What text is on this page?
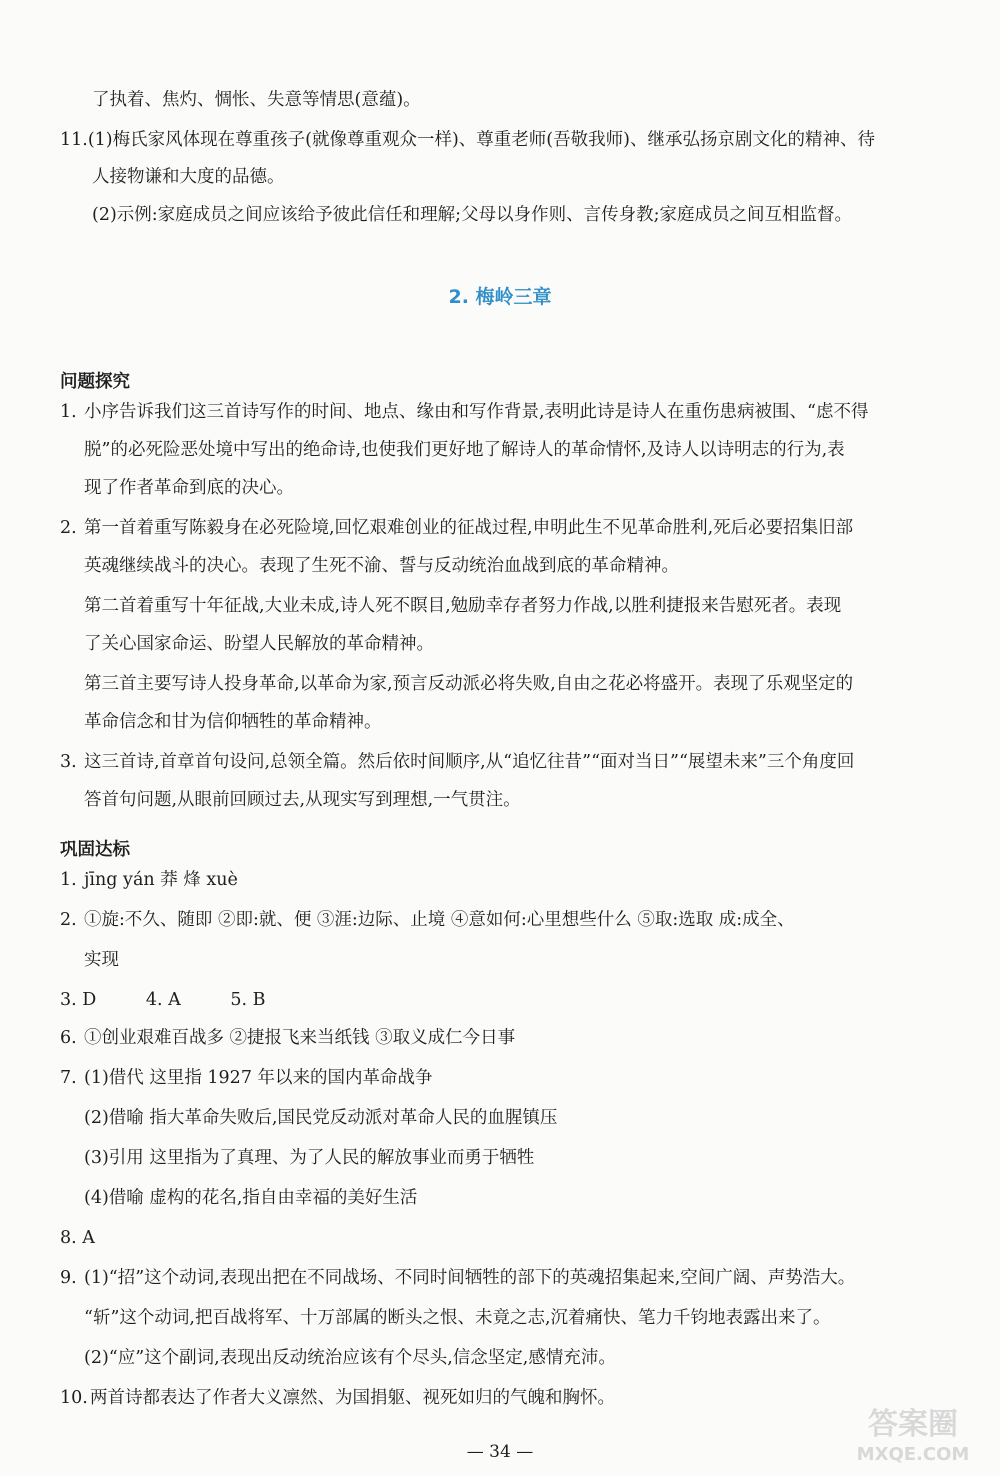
了执着、焦灼、惆怅、失意等情思(意蕴)。
11.(1)梅氏家风体现在尊重孩子(就像尊重观众一样)、尊重老师(吾敬我师)、继承弘扬京剧文化的精神、待
人接物谦和大度的品德。
(2)示例:家庭成员之间应该给予彼此信任和理解;父母以身作则、言传身教;家庭成员之间互相监督。
2. 梅岭三章
问题探究
1. 小序告诉我们这三首诗写作的时间、地点、缘由和写作背景,表明此诗是诗人在重伤患病被围、“虑不得
脱”的必死险恶处境中写出的绝命诗,也使我们更好地了解诗人的革命情怀,及诗人以诗明志的行为,表
现了作者革命到底的决心。
2. 第一首着重写陈毅身在必死险境,回忆艰难创业的征战过程,申明此生不见革命胜利,死后必要招集旧部
英魂继续战斗的决心。表现了生死不渝、誓与反动统治血战到底的革命精神。
第二首着重写十年征战,大业未成,诗人死不瞑目,勉励幸存者努力作战,以胜利捷报来告慰死者。表现
了关心国家命运、盼望人民解放的革命精神。
第三首主要写诗人投身革命,以革命为家,预言反动派必将失败,自由之花必将盛开。表现了乐观坚定的
革命信念和甘为信仰牺牲的革命精神。
3. 这三首诗,首章首句设问,总领全篇。然后依时间顺序,从“追忆往昔”“面对当日”“展望未来”三个角度回
答首句问题,从眼前回顾过去,从现实写到理想,一气贯注。
巩固达标
1. jīng yán 莽 烽 xuè
2. ①旋:不久、随即 ②即:就、便 ③涯:边际、止境 ④意如何:心里想些什么 ⑤取:选取 成:成全、
实现
3. D	4. A	5. B
6. ①创业艰难百战多 ②捷报飞来当纸钱 ③取义成仁今日事
7. (1)借代 这里指 1927 年以来的国内革命战争
(2)借喻 指大革命失败后,国民党反动派对革命人民的血腥镇压
(3)引用 这里指为了真理、为了人民的解放事业而勇于牺牲
(4)借喻 虚构的花名,指自由幸福的美好生活
8. A
9. (1)“招”这个动词,表现出把在不同战场、不同时间牺牲的部下的英魂招集起来,空间广阔、声势浩大。
“斩”这个动词,把百战将军、十万部属的断头之恨、未竟之志,沉着痛快、笔力千钧地表露出来了。
(2)“应”这个副词,表现出反动统治应该有个尽头,信念坚定,感情充沛。
10. 两首诗都表达了作者大义凛然、为国捐躯、视死如归的气魄和胸怀。
— 34 —
答案圈
MXQE.COM
